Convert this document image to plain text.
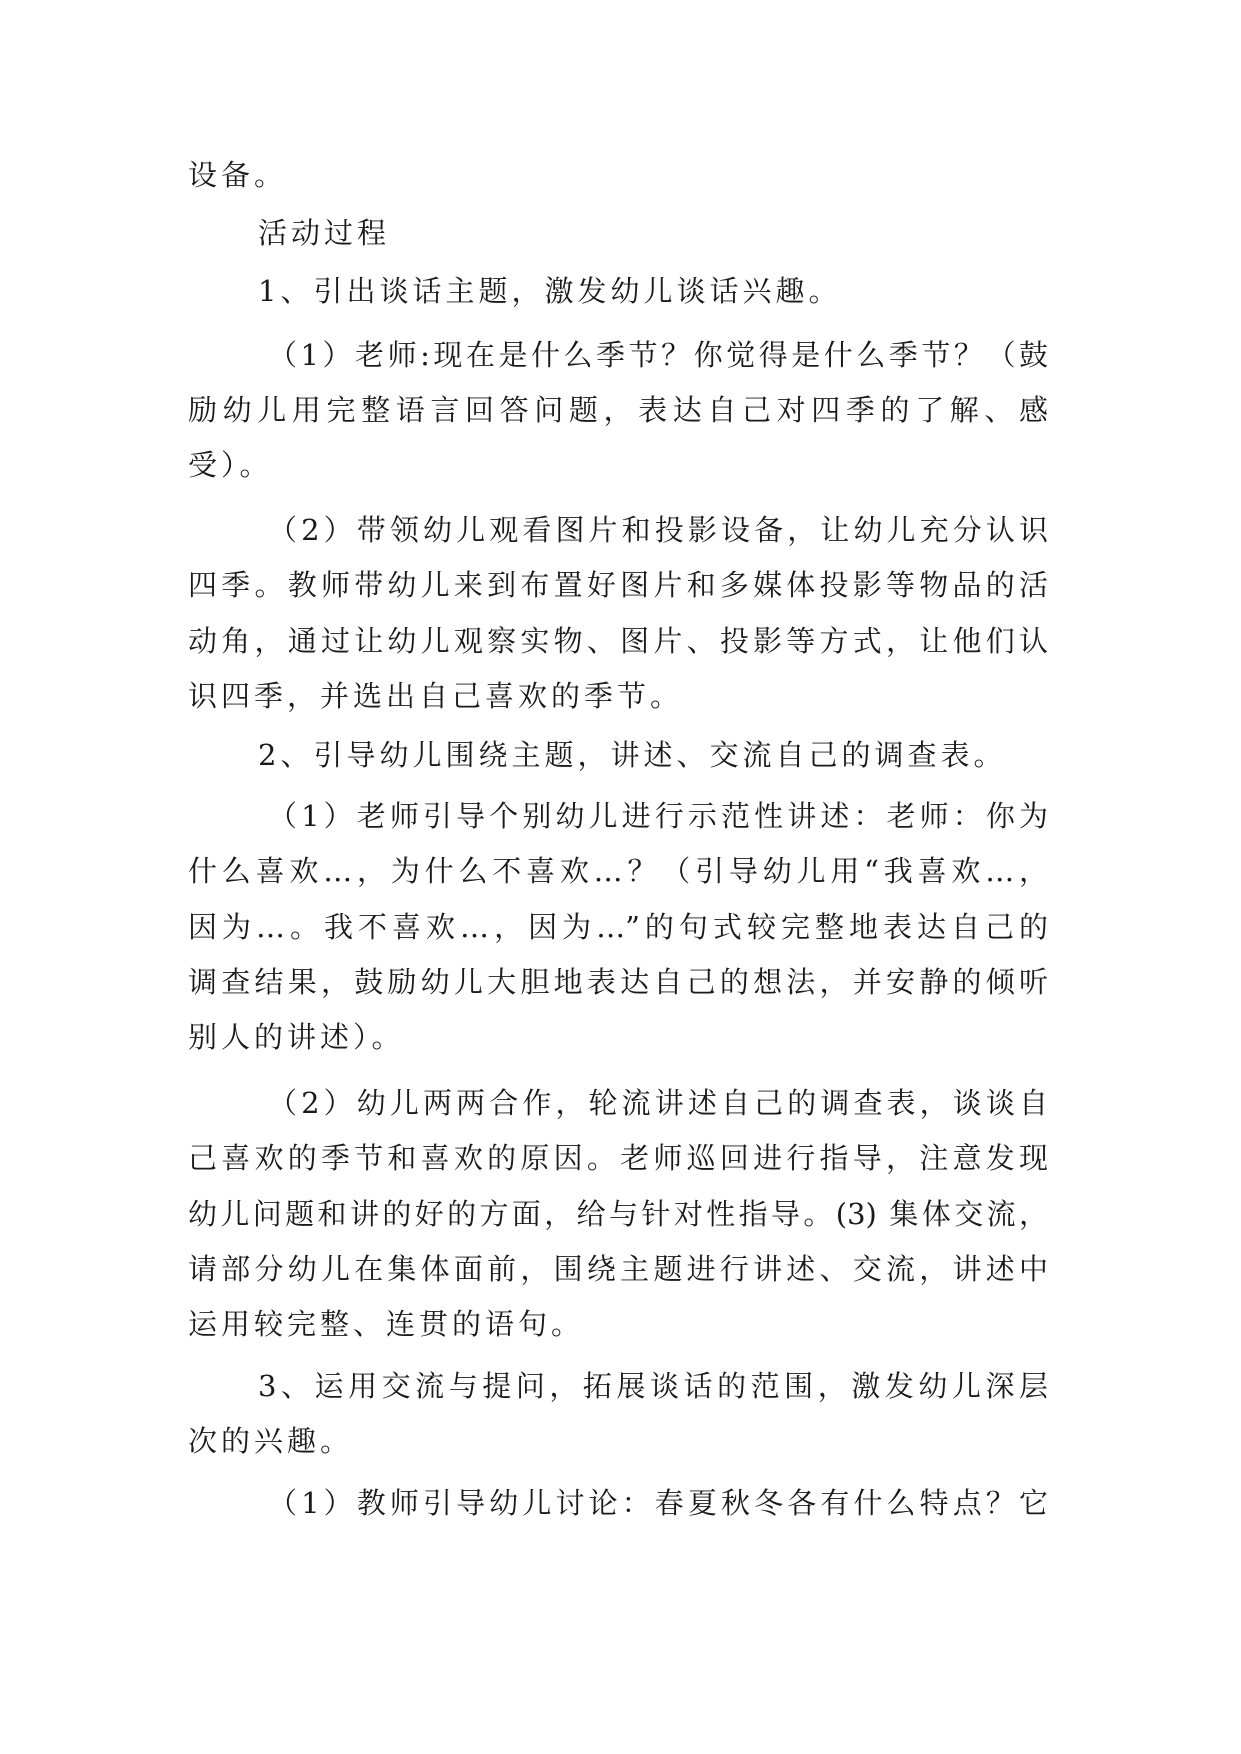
设备。
活动过程
1、引出谈话主题，激发幼儿谈话兴趣。
（1）老师:现在是什么季节？你觉得是什么季节？（鼓
励幼儿用完整语言回答问题，表达自己对四季的了解、感
受）。
（2）带领幼儿观看图片和投影设备，让幼儿充分认识
四季。教师带幼儿来到布置好图片和多媒体投影等物品的活
动角，通过让幼儿观察实物、图片、投影等方式，让他们认
识四季，并选出自己喜欢的季节。
2、引导幼儿围绕主题，讲述、交流自己的调查表。
（1）老师引导个别幼儿进行示范性讲述：老师：你为
什么喜欢…，为什么不喜欢…？（引导幼儿用“我喜欢…，
因为…。我不喜欢…，因为…”的句式较完整地表达自己的
调查结果，鼓励幼儿大胆地表达自己的想法，并安静的倾听
别人的讲述）。
（2）幼儿两两合作，轮流讲述自己的调查表，谈谈自
己喜欢的季节和喜欢的原因。老师巡回进行指导，注意发现
幼儿问题和讲的好的方面，给与针对性指导。(3) 集体交流，
请部分幼儿在集体面前，围绕主题进行讲述、交流，讲述中
运用较完整、连贯的语句。
3、运用交流与提问，拓展谈话的范围，激发幼儿深层
次的兴趣。
（1）教师引导幼儿讨论：春夏秋冬各有什么特点？它
